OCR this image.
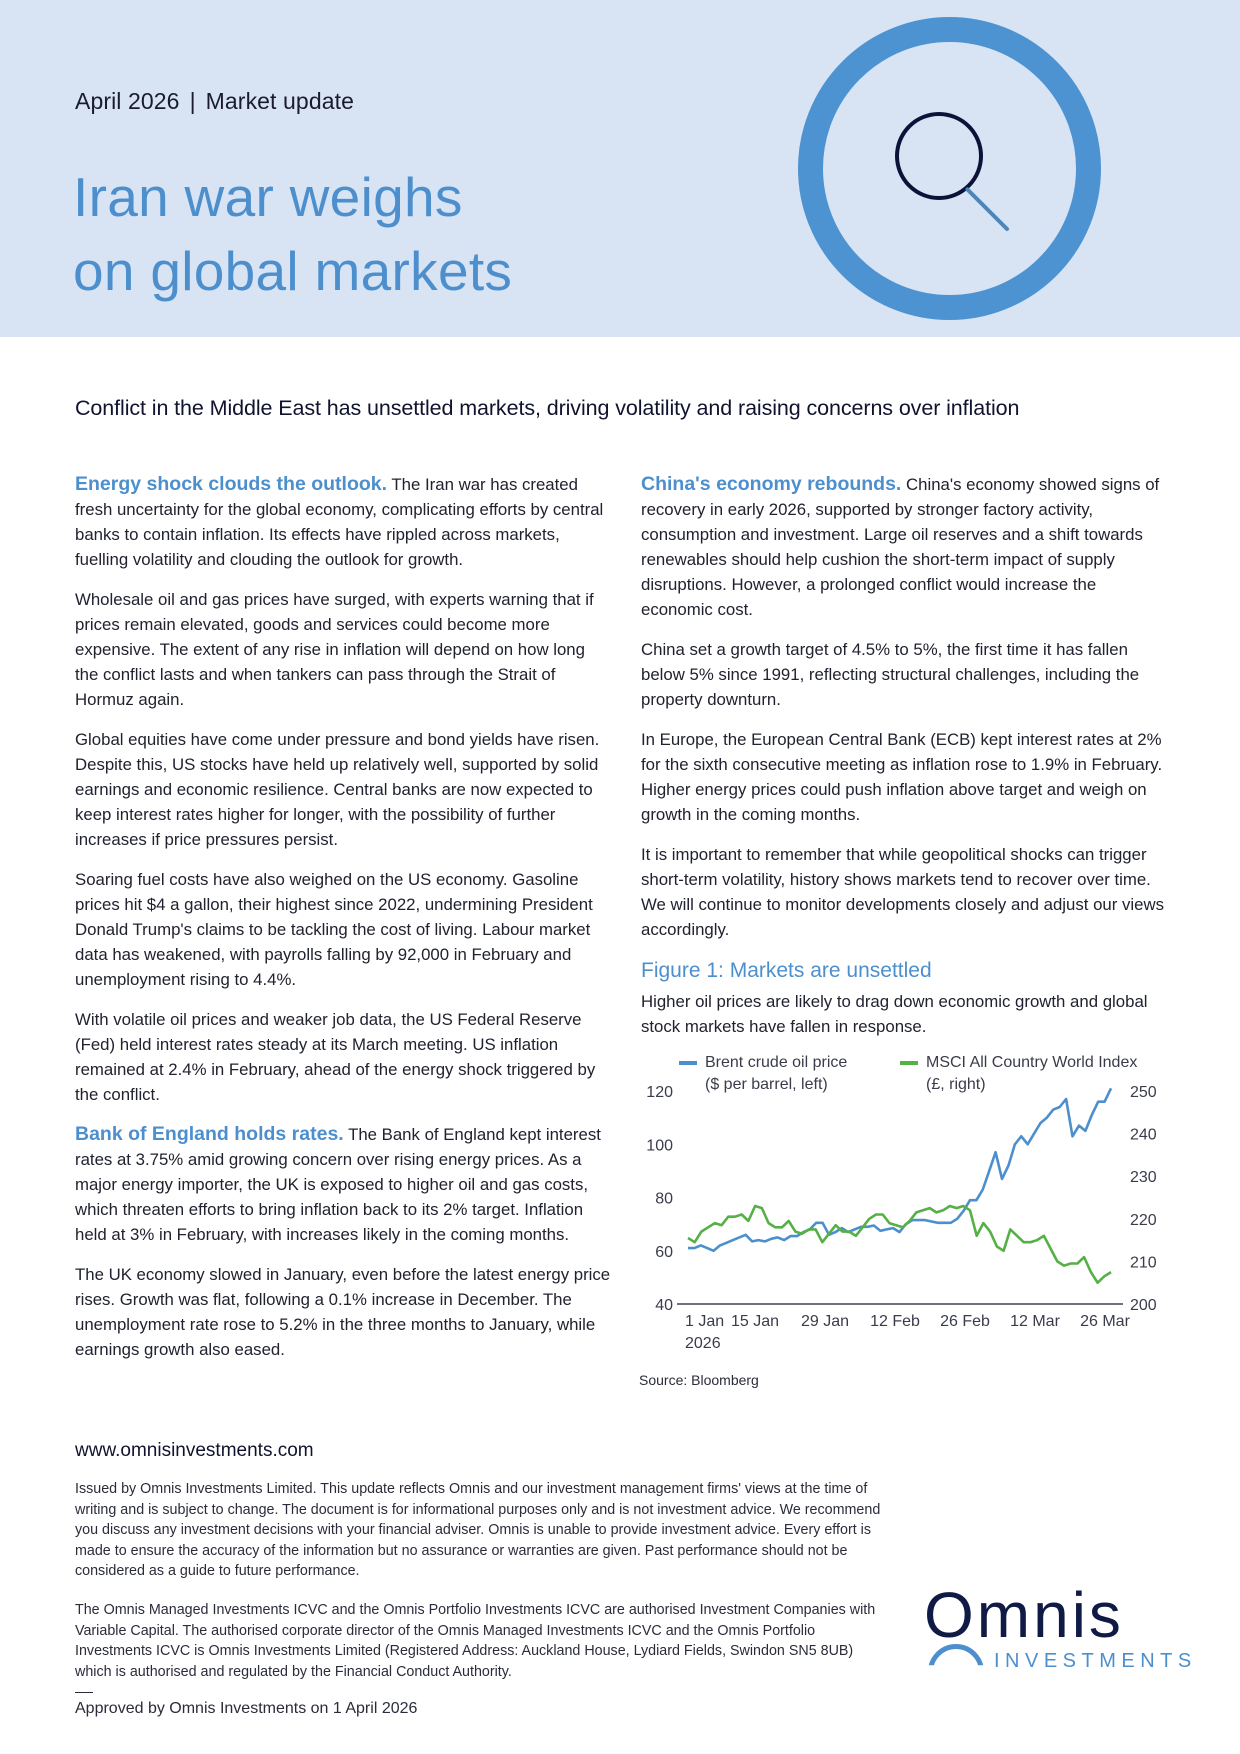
April 2026 | Market update
Iran war weighs
on global markets
Conflict in the Middle East has unsettled markets, driving volatility and raising concerns over inflation

Energy shock clouds the outlook. The Iran war has created fresh uncertainty for the global economy, complicating efforts by central banks to contain inflation. Its effects have rippled across markets, fuelling volatility and clouding the outlook for growth.

Wholesale oil and gas prices have surged, with experts warning that if prices remain elevated, goods and services could become more expensive. The extent of any rise in inflation will depend on how long the conflict lasts and when tankers can pass through the Strait of Hormuz again.

Global equities have come under pressure and bond yields have risen. Despite this, US stocks have held up relatively well, supported by solid earnings and economic resilience. Central banks are now expected to keep interest rates higher for longer, with the possibility of further increases if price pressures persist.

Soaring fuel costs have also weighed on the US economy. Gasoline prices hit $4 a gallon, their highest since 2022, undermining President Donald Trump's claims to be tackling the cost of living. Labour market data has weakened, with payrolls falling by 92,000 in February and unemployment rising to 4.4%.

With volatile oil prices and weaker job data, the US Federal Reserve (Fed) held interest rates steady at its March meeting. US inflation remained at 2.4% in February, ahead of the energy shock triggered by the conflict.

Bank of England holds rates. The Bank of England kept interest rates at 3.75% amid growing concern over rising energy prices. As a major energy importer, the UK is exposed to higher oil and gas costs, which threaten efforts to bring inflation back to its 2% target. Inflation held at 3% in February, with increases likely in the coming months.

The UK economy slowed in January, even before the latest energy price rises. Growth was flat, following a 0.1% increase in December. The unemployment rate rose to 5.2% in the three months to January, while earnings growth also eased.

China's economy rebounds. China's economy showed signs of recovery in early 2026, supported by stronger factory activity, consumption and investment. Large oil reserves and a shift towards renewables should help cushion the short-term impact of supply disruptions. However, a prolonged conflict would increase the economic cost.

China set a growth target of 4.5% to 5%, the first time it has fallen below 5% since 1991, reflecting structural challenges, including the property downturn.

In Europe, the European Central Bank (ECB) kept interest rates at 2% for the sixth consecutive meeting as inflation rose to 1.9% in February. Higher energy prices could push inflation above target and weigh on growth in the coming months.

It is important to remember that while geopolitical shocks can trigger short-term volatility, history shows markets tend to recover over time. We will continue to monitor developments closely and adjust our views accordingly.

Figure 1: Markets are unsettled

Higher oil prices are likely to drag down economic growth and global stock markets have fallen in response.

Brent crude oil price
($ per barrel, left)
MSCI All Country World Index
(£, right)
40
60
80
100
120
200
210
220
230
240
250
1 Jan
2026
15 Jan 29 Jan 12 Feb 26 Feb 12 Mar 26 Mar
Source: Bloomberg
www.omnisinvestments.com
Issued by Omnis Investments Limited. This update reflects Omnis and our investment management firms' views at the time of writing and is subject to change. The document is for informational purposes only and is not investment advice. We recommend you discuss any investment decisions with your financial adviser. Omnis is unable to provide investment advice. Every effort is made to ensure the accuracy of the information but no assurance or warranties are given. Past performance should not be considered as a guide to future performance.
The Omnis Managed Investments ICVC and the Omnis Portfolio Investments ICVC are authorised Investment Companies with Variable Capital. The authorised corporate director of the Omnis Managed Investments ICVC and the Omnis Portfolio Investments ICVC is Omnis Investments Limited (Registered Address: Auckland House, Lydiard Fields, Swindon SN5 8UB) which is authorised and regulated by the Financial Conduct Authority.
Approved by Omnis Investments on 1 April 2026
Omnis
INVESTMENTS
